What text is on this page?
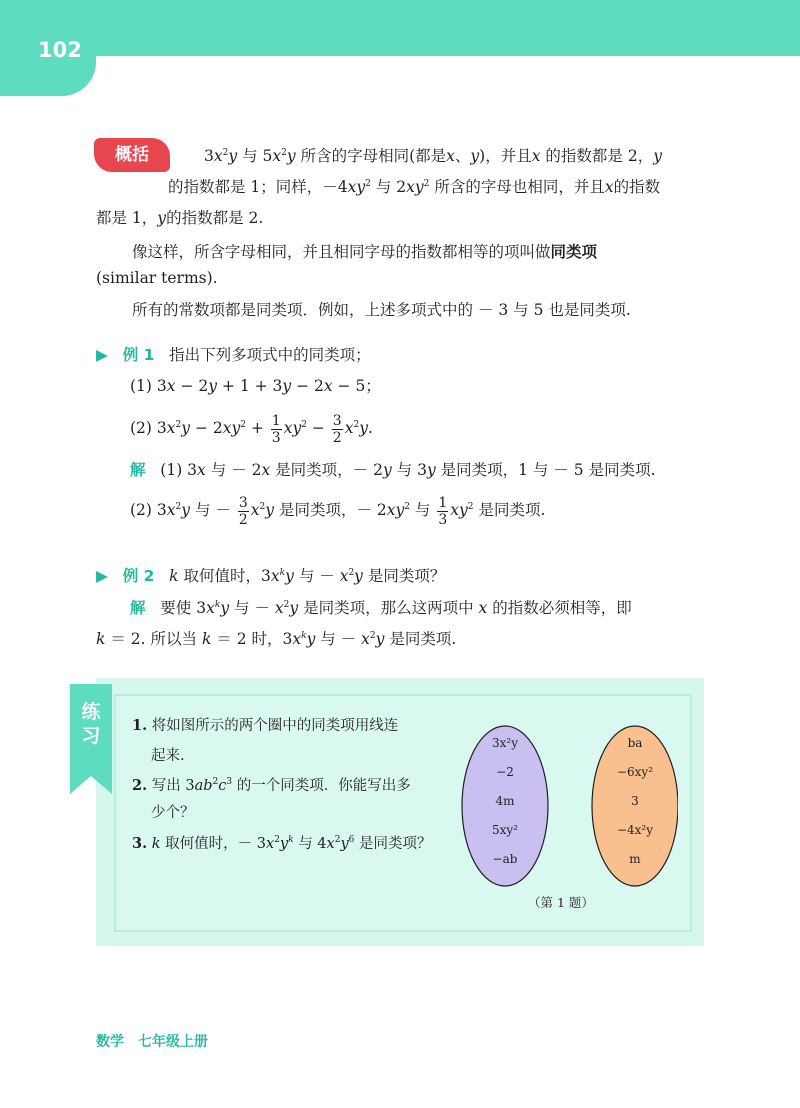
102
概括	$3x^2y$ 与 $5x^2y$ 所含的字母相同(都是x、y)，并且x 的指数都是 2，y
的指数都是 1；同样，$-4xy^2$ 与 $2xy^2$ 所含的字母也相同，并且x的指数
都是 1，y的指数都是 2.
像这样，所含字母相同，并且相同字母的指数都相等的项叫做同类项
(similar terms).
所有的常数项都是同类项．例如，上述多项式中的 － 3 与 5 也是同类项.
▶ 例 1 指出下列多项式中的同类项；
(1) 3x − 2y + 1 + 3y − 2x − 5；
(2) $3x^2y - 2xy^2 + \frac{1}{3} xy^2 - \frac{3}{2} x^2y$.
解 (1) 3x 与 － 2x 是同类项，－ 2y 与 3y 是同类项，1 与 － 5 是同类项.
(2) $3x^2y$ 与 － $\frac{3}{2} x^2y$ 是同类项，－ $2xy^2$ 与 $\frac{1}{3} xy^2$ 是同类项.
▶ 例 2 k 取何值时，$3x^ky$ 与 － $x^2y$ 是同类项？
解 要使 $3x^ky$ 与 － $x^2y$ 是同类项，那么这两项中 x 的指数必须相等，即
k ＝ 2. 所以当 k ＝ 2 时，$3x^ky$ 与 － $x^2y$ 是同类项.
练习	1. 将如图所示的两个圈中的同类项用线连
起来.
2. 写出 $3ab^2c^3$ 的一个同类项．你能写出多
少个？
3. k 取何值时，－ $3x^2y^k$ 与 $4x^2y^6$ 是同类项？
3x²y
−2
4m
5xy²
−ab
ba
−6xy²
3
−4x²y
m
（第 1 题）
数学　七年级上册
